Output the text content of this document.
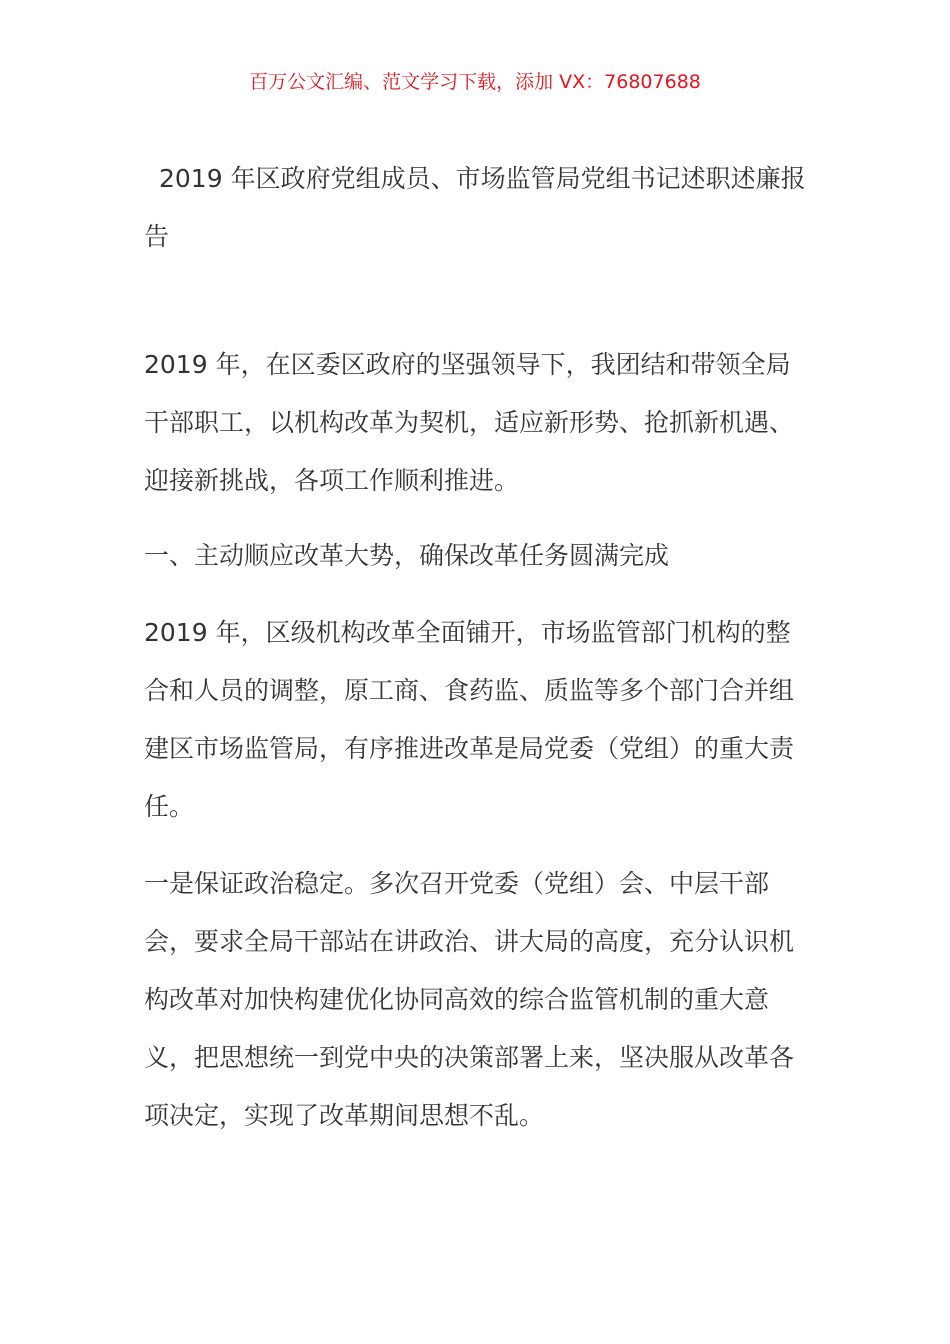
百万公文汇编、范文学习下载，添加 VX：76807688
2019 年区政府党组成员、市场监管局党组书记述职述廉报告

2019 年，在区委区政府的坚强领导下，我团结和带领全局干部职工，以机构改革为契机，适应新形势、抢抓新机遇、迎接新挑战，各项工作顺利推进。

一、主动顺应改革大势，确保改革任务圆满完成

2019 年，区级机构改革全面铺开，市场监管部门机构的整合和人员的调整，原工商、食药监、质监等多个部门合并组建区市场监管局，有序推进改革是局党委（党组）的重大责任。

一是保证政治稳定。多次召开党委（党组）会、中层干部会，要求全局干部站在讲政治、讲大局的高度，充分认识机构改革对加快构建优化协同高效的综合监管机制的重大意义，把思想统一到党中央的决策部署上来，坚决服从改革各项决定，实现了改革期间思想不乱。
